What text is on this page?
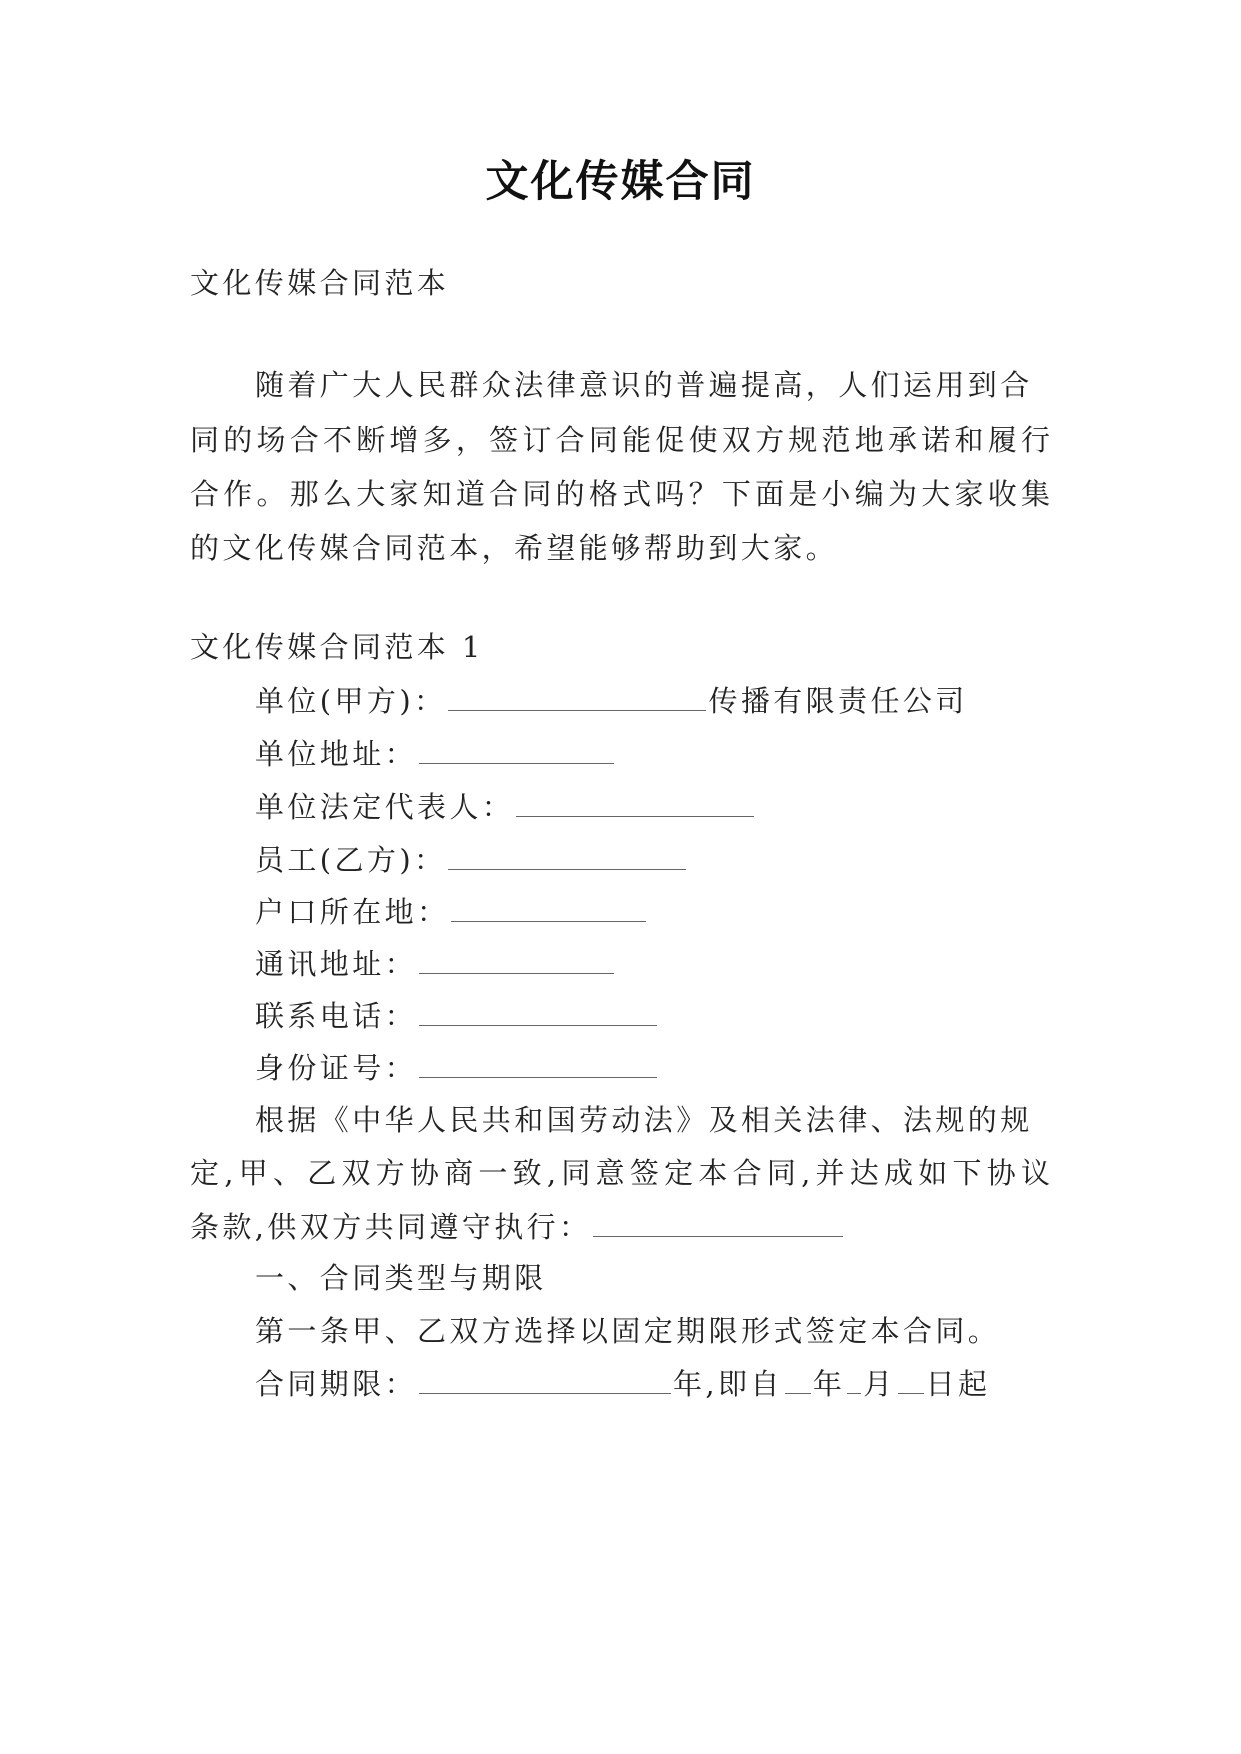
文化传媒合同
文化传媒合同范本
随着广大人民群众法律意识的普遍提高，人们运用到合
同的场合不断增多，签订合同能促使双方规范地承诺和履行
合作。那么大家知道合同的格式吗？下面是小编为大家收集
的文化传媒合同范本，希望能够帮助到大家。
文化传媒合同范本 1
单位(甲方)：	传播有限责任公司
单位地址：
单位法定代表人：
员工(乙方)：
户口所在地：
通讯地址：
联系电话：
身份证号：
根据《中华人民共和国劳动法》及相关法律、法规的规
定,甲、乙双方协商一致,同意签定本合同,并达成如下协议
条款,供双方共同遵守执行：
一、合同类型与期限
第一条甲、乙双方选择以固定期限形式签定本合同。
合同期限：	年,即自 年 月 日起
